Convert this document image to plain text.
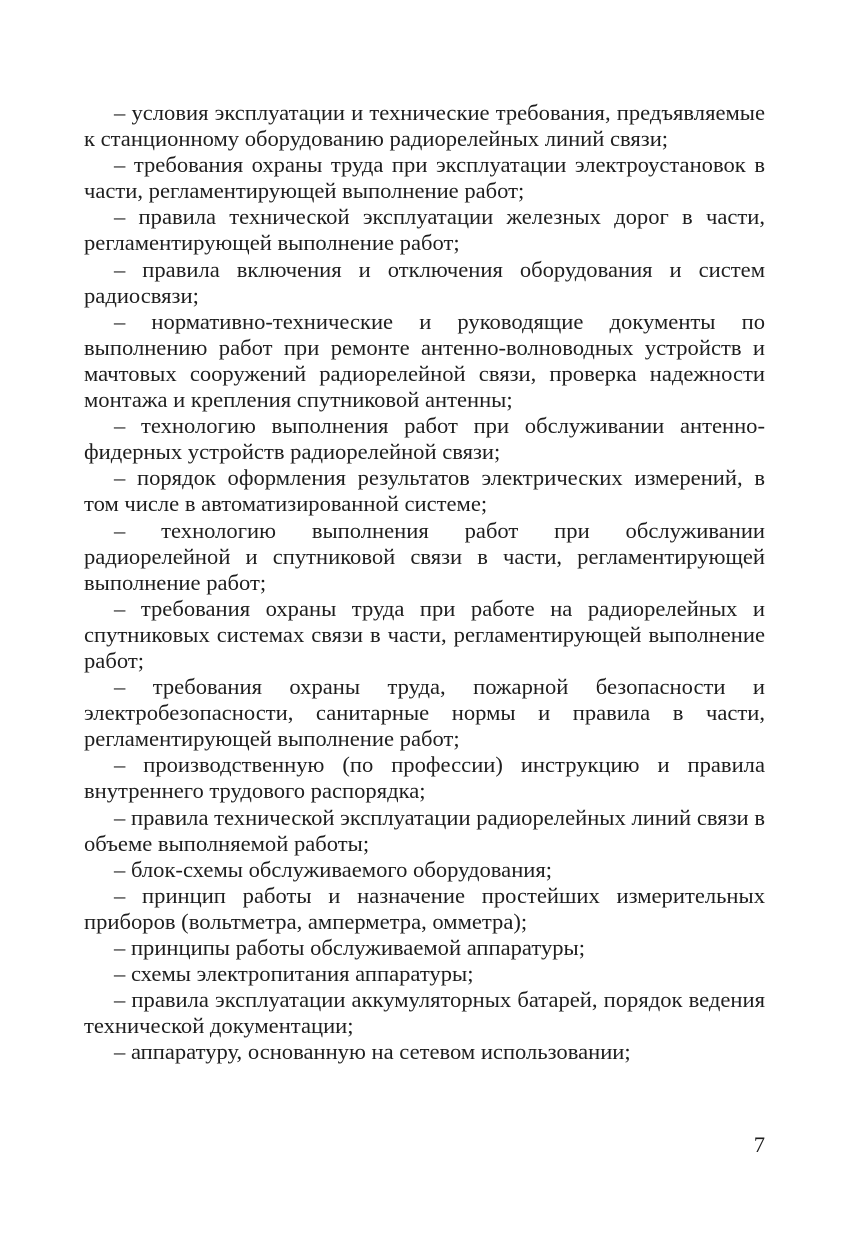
– условия эксплуатации и технические требования, предъявляемые к станционному оборудованию радиорелейных линий связи;

– требования охраны труда при эксплуатации электроустановок в части, регламентирующей выполнение работ;

– правила технической эксплуатации железных дорог в части, регламентирующей выполнение работ;

– правила включения и отключения оборудования и систем радиосвязи;

– нормативно-технические и руководящие документы по выполнению работ при ремонте антенно-волноводных устройств и мачтовых сооружений радиорелейной связи, проверка надежности монтажа и крепления спутниковой антенны;

– технологию выполнения работ при обслуживании антенно-фидерных устройств радиорелейной связи;

– порядок оформления результатов электрических измерений, в том числе в автоматизированной системе;

– технологию выполнения работ при обслуживании радиорелейной и спутниковой связи в части, регламентирующей выполнение работ;

– требования охраны труда при работе на радиорелейных и спутниковых системах связи в части, регламентирующей выполнение работ;

– требования охраны труда, пожарной безопасности и электробезопасности, санитарные нормы и правила в части, регламентирующей выполнение работ;

– производственную (по профессии) инструкцию и правила внутреннего трудового распорядка;

– правила технической эксплуатации радиорелейных линий связи в объеме выполняемой работы;

– блок-схемы обслуживаемого оборудования;

– принцип работы и назначение простейших измерительных приборов (вольтметра, амперметра, омметра);

– принципы работы обслуживаемой аппаратуры;

– схемы электропитания аппаратуры;

– правила эксплуатации аккумуляторных батарей, порядок ведения технической документации;

– аппаратуру, основанную на сетевом использовании;

7
